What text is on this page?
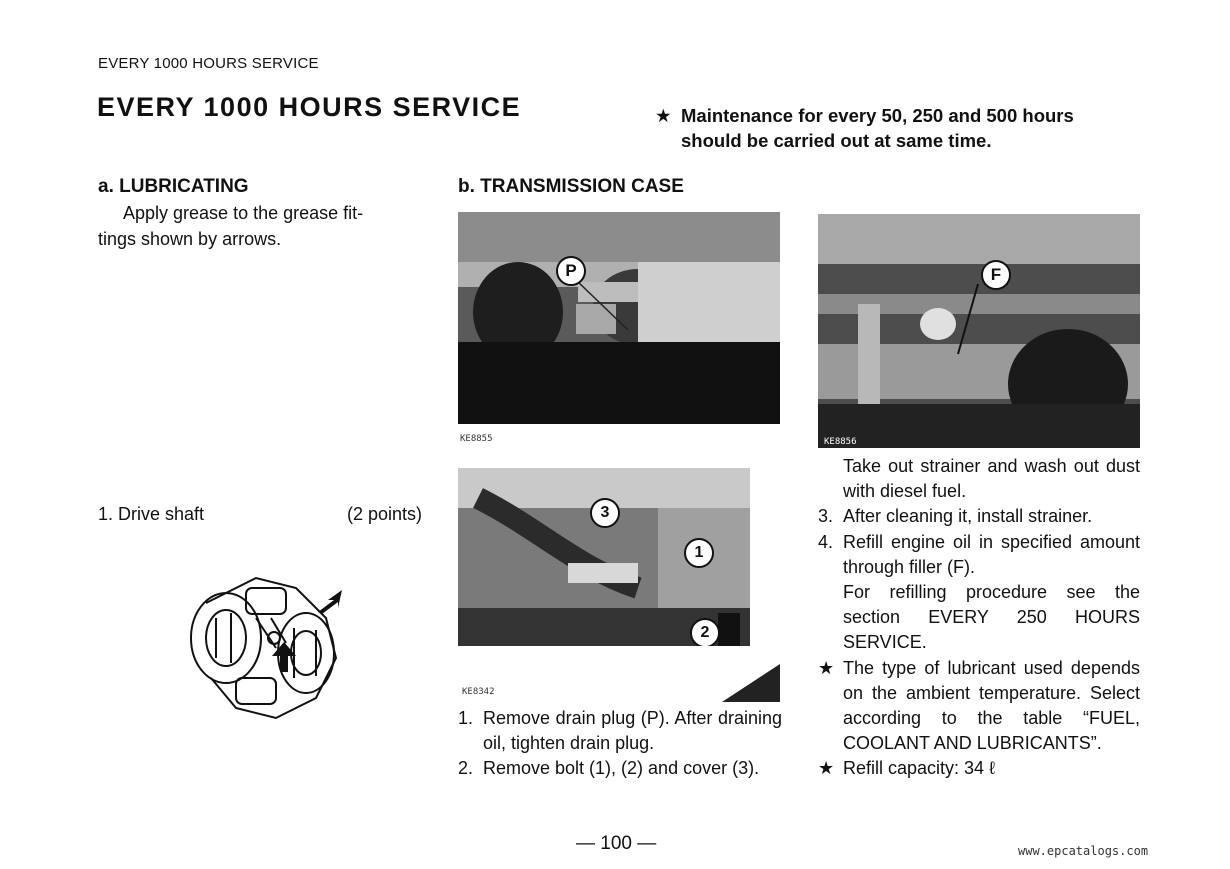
EVERY 1000 HOURS SERVICE
EVERY 1000 HOURS SERVICE	★ Maintenance for every 50, 250 and 500 hours
should be carried out at same time.
a. LUBRICATING
Apply grease to the grease fit-
tings shown by arrows.
1. Drive shaft	(2 points)
b. TRANSMISSION CASE
P
KE8855
F
KE8856
3
1
2
KE8342
1. Remove drain plug (P). After draining oil, tighten drain plug.
2. Remove bolt (1), (2) and cover (3).
Take out strainer and wash out dust with diesel fuel.
3. After cleaning it, install strainer.
4. Refill engine oil in specified amount through filler (F).
For refilling procedure see the section EVERY 250 HOURS SERVICE.
★ The type of lubricant used depends on the ambient temperature. Select according to the table “FUEL, COOLANT AND LUBRICANTS”.
★ Refill capacity: 34 ℓ
— 100 —	www.epcatalogs.com
